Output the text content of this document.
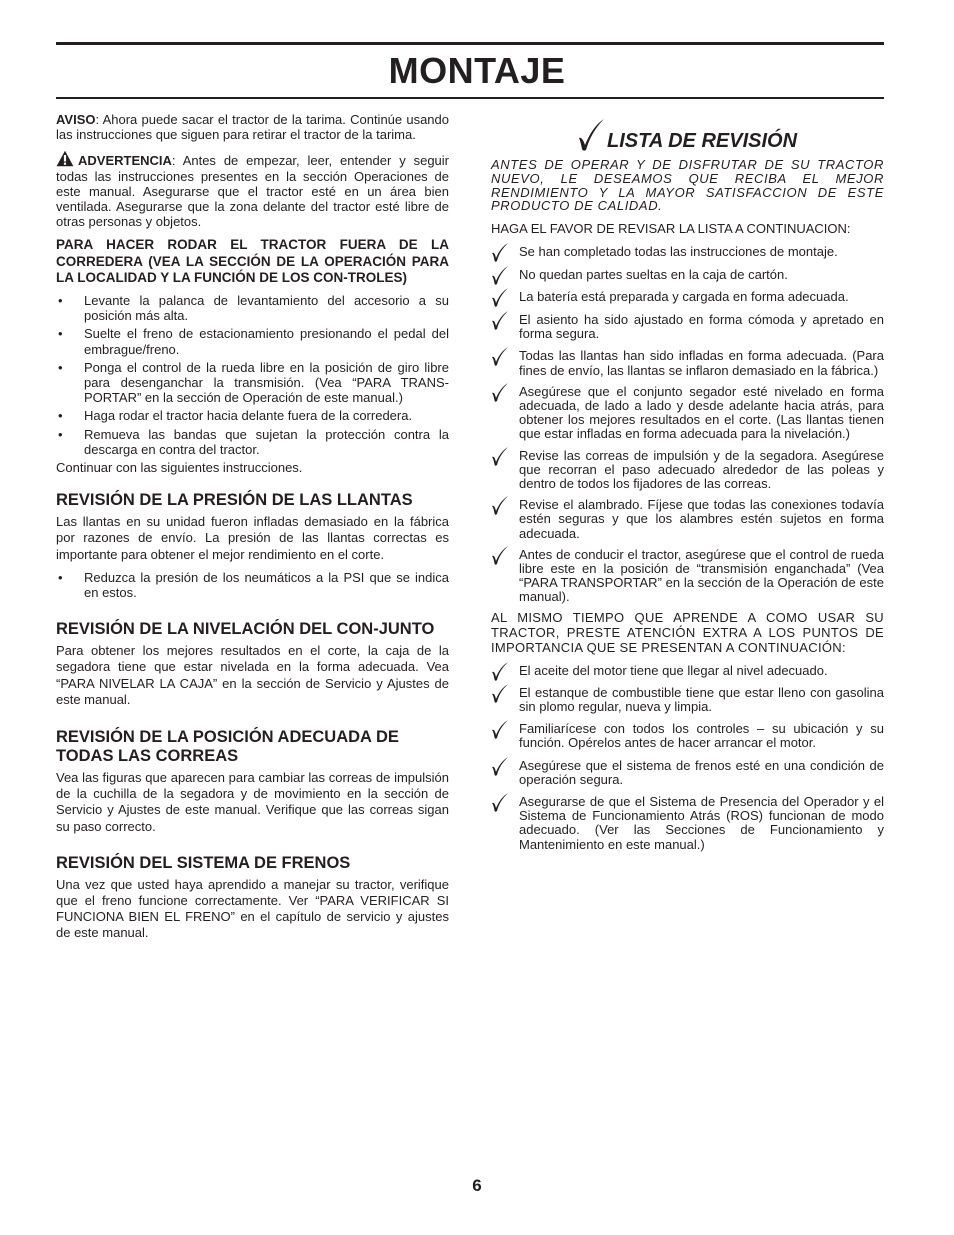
MONTAJE

AVISO: Ahora puede sacar el tractor de la tarima. Continúe usando las instrucciones que siguen para retirar el tractor de la tarima.

ADVERTENCIA: Antes de empezar, leer, entender y seguir todas las instrucciones presentes en la sección Operaciones de este manual. Asegurarse que el tractor esté en un área bien ventilada. Asegurarse que la zona delante del tractor esté libre de otras personas y objetos.

PARA HACER RODAR EL TRACTOR FUERA DE LA CORREDERA (VEA LA SECCIÓN DE LA OPERACIÓN PARA LA LOCALIDAD Y LA FUNCIÓN DE LOS CON-TROLES)

• Levante la palanca de levantamiento del accesorio a su posición más alta.
• Suelte el freno de estacionamiento presionando el pedal del embrague/freno.
• Ponga el control de la rueda libre en la posición de giro libre para desenganchar la transmisión. (Vea “PARA TRANS-PORTAR” en la sección de Operación de este manual.)
• Haga rodar el tractor hacia delante fuera de la corredera.
• Remueva las bandas que sujetan la protección contra la descarga en contra del tractor.

Continuar con las siguientes instrucciones.

REVISIÓN DE LA PRESIÓN DE LAS LLANTAS

Las llantas en su unidad fueron infladas demasiado en la fábrica por razones de envío. La presión de las llantas correctas es importante para obtener el mejor rendimiento en el corte.

• Reduzca la presión de los neumáticos a la PSI que se indica en estos.
REVISIÓN DE LA NIVELACIÓN DEL CON-JUNTO

Para obtener los mejores resultados en el corte, la caja de la segadora tiene que estar nivelada en la forma adecuada. Vea “PARA NIVELAR LA CAJA” en la sección de Servicio y Ajustes de este manual.

REVISIÓN DE LA POSICIÓN ADECUADA DE TODAS LAS CORREAS

Vea las figuras que aparecen para cambiar las correas de impulsión de la cuchilla de la segadora y de movimiento en la sección de Servicio y Ajustes de este manual. Verifique que las correas sigan su paso correcto.

REVISIÓN DEL SISTEMA DE FRENOS

Una vez que usted haya aprendido a manejar su tractor, verifique que el freno funcione correctamente. Ver “PARA VERIFICAR SI FUNCIONA BIEN EL FRENO” en el capítulo de servicio y ajustes de este manual.

LISTA DE REVISIÓN

ANTES DE OPERAR Y DE DISFRUTAR DE SU TRACTOR NUEVO, LE DESEAMOS QUE RECIBA EL MEJOR RENDIMIENTO Y LA MAYOR SATISFACCION DE ESTE PRODUCTO DE CALIDAD.

HAGA EL FAVOR DE REVISAR LA LISTA A CONTINUACION:

Se han completado todas las instrucciones de montaje.
No quedan partes sueltas en la caja de cartón.
La batería está preparada y cargada en forma adecuada.
El asiento ha sido ajustado en forma cómoda y apretado en forma segura.
Todas las llantas han sido infladas en forma adecuada. (Para fines de envío, las llantas se inflaron demasiado en la fábrica.)
Asegúrese que el conjunto segador esté nivelado en forma adecuada, de lado a lado y desde adelante hacia atrás, para obtener los mejores resultados en el corte. (Las llantas tienen que estar infladas en forma adecuada para la nivelación.)
Revise las correas de impulsión y de la segadora. Asegúrese que recorran el paso adecuado alrededor de las poleas y dentro de todos los fijadores de las correas.
Revise el alambrado. Fíjese que todas las conexiones todavía estén seguras y que los alambres estén sujetos en forma adecuada.
Antes de conducir el tractor, asegúrese que el control de rueda libre este en la posición de “transmisión enganchada” (Vea “PARA TRANSPORTAR” en la sección de la Operación de este manual).

AL MISMO TIEMPO QUE APRENDE A COMO USAR SU TRACTOR, PRESTE ATENCIÓN EXTRA A LOS PUNTOS DE IMPORTANCIA QUE SE PRESENTAN A CONTINUACIÓN:

El aceite del motor tiene que llegar al nivel adecuado.
El estanque de combustible tiene que estar lleno con gasolina sin plomo regular, nueva y limpia.
Familiarícese con todos los controles – su ubicación y su función. Opérelos antes de hacer arrancar el motor.
Asegúrese que el sistema de frenos esté en una condición de operación segura.
Asegurarse de que el Sistema de Presencia del Operador y el Sistema de Funcionamiento Atrás (ROS) funcionan de modo adecuado. (Ver las Secciones de Funcionamiento y Mantenimiento en este manual.)
6
